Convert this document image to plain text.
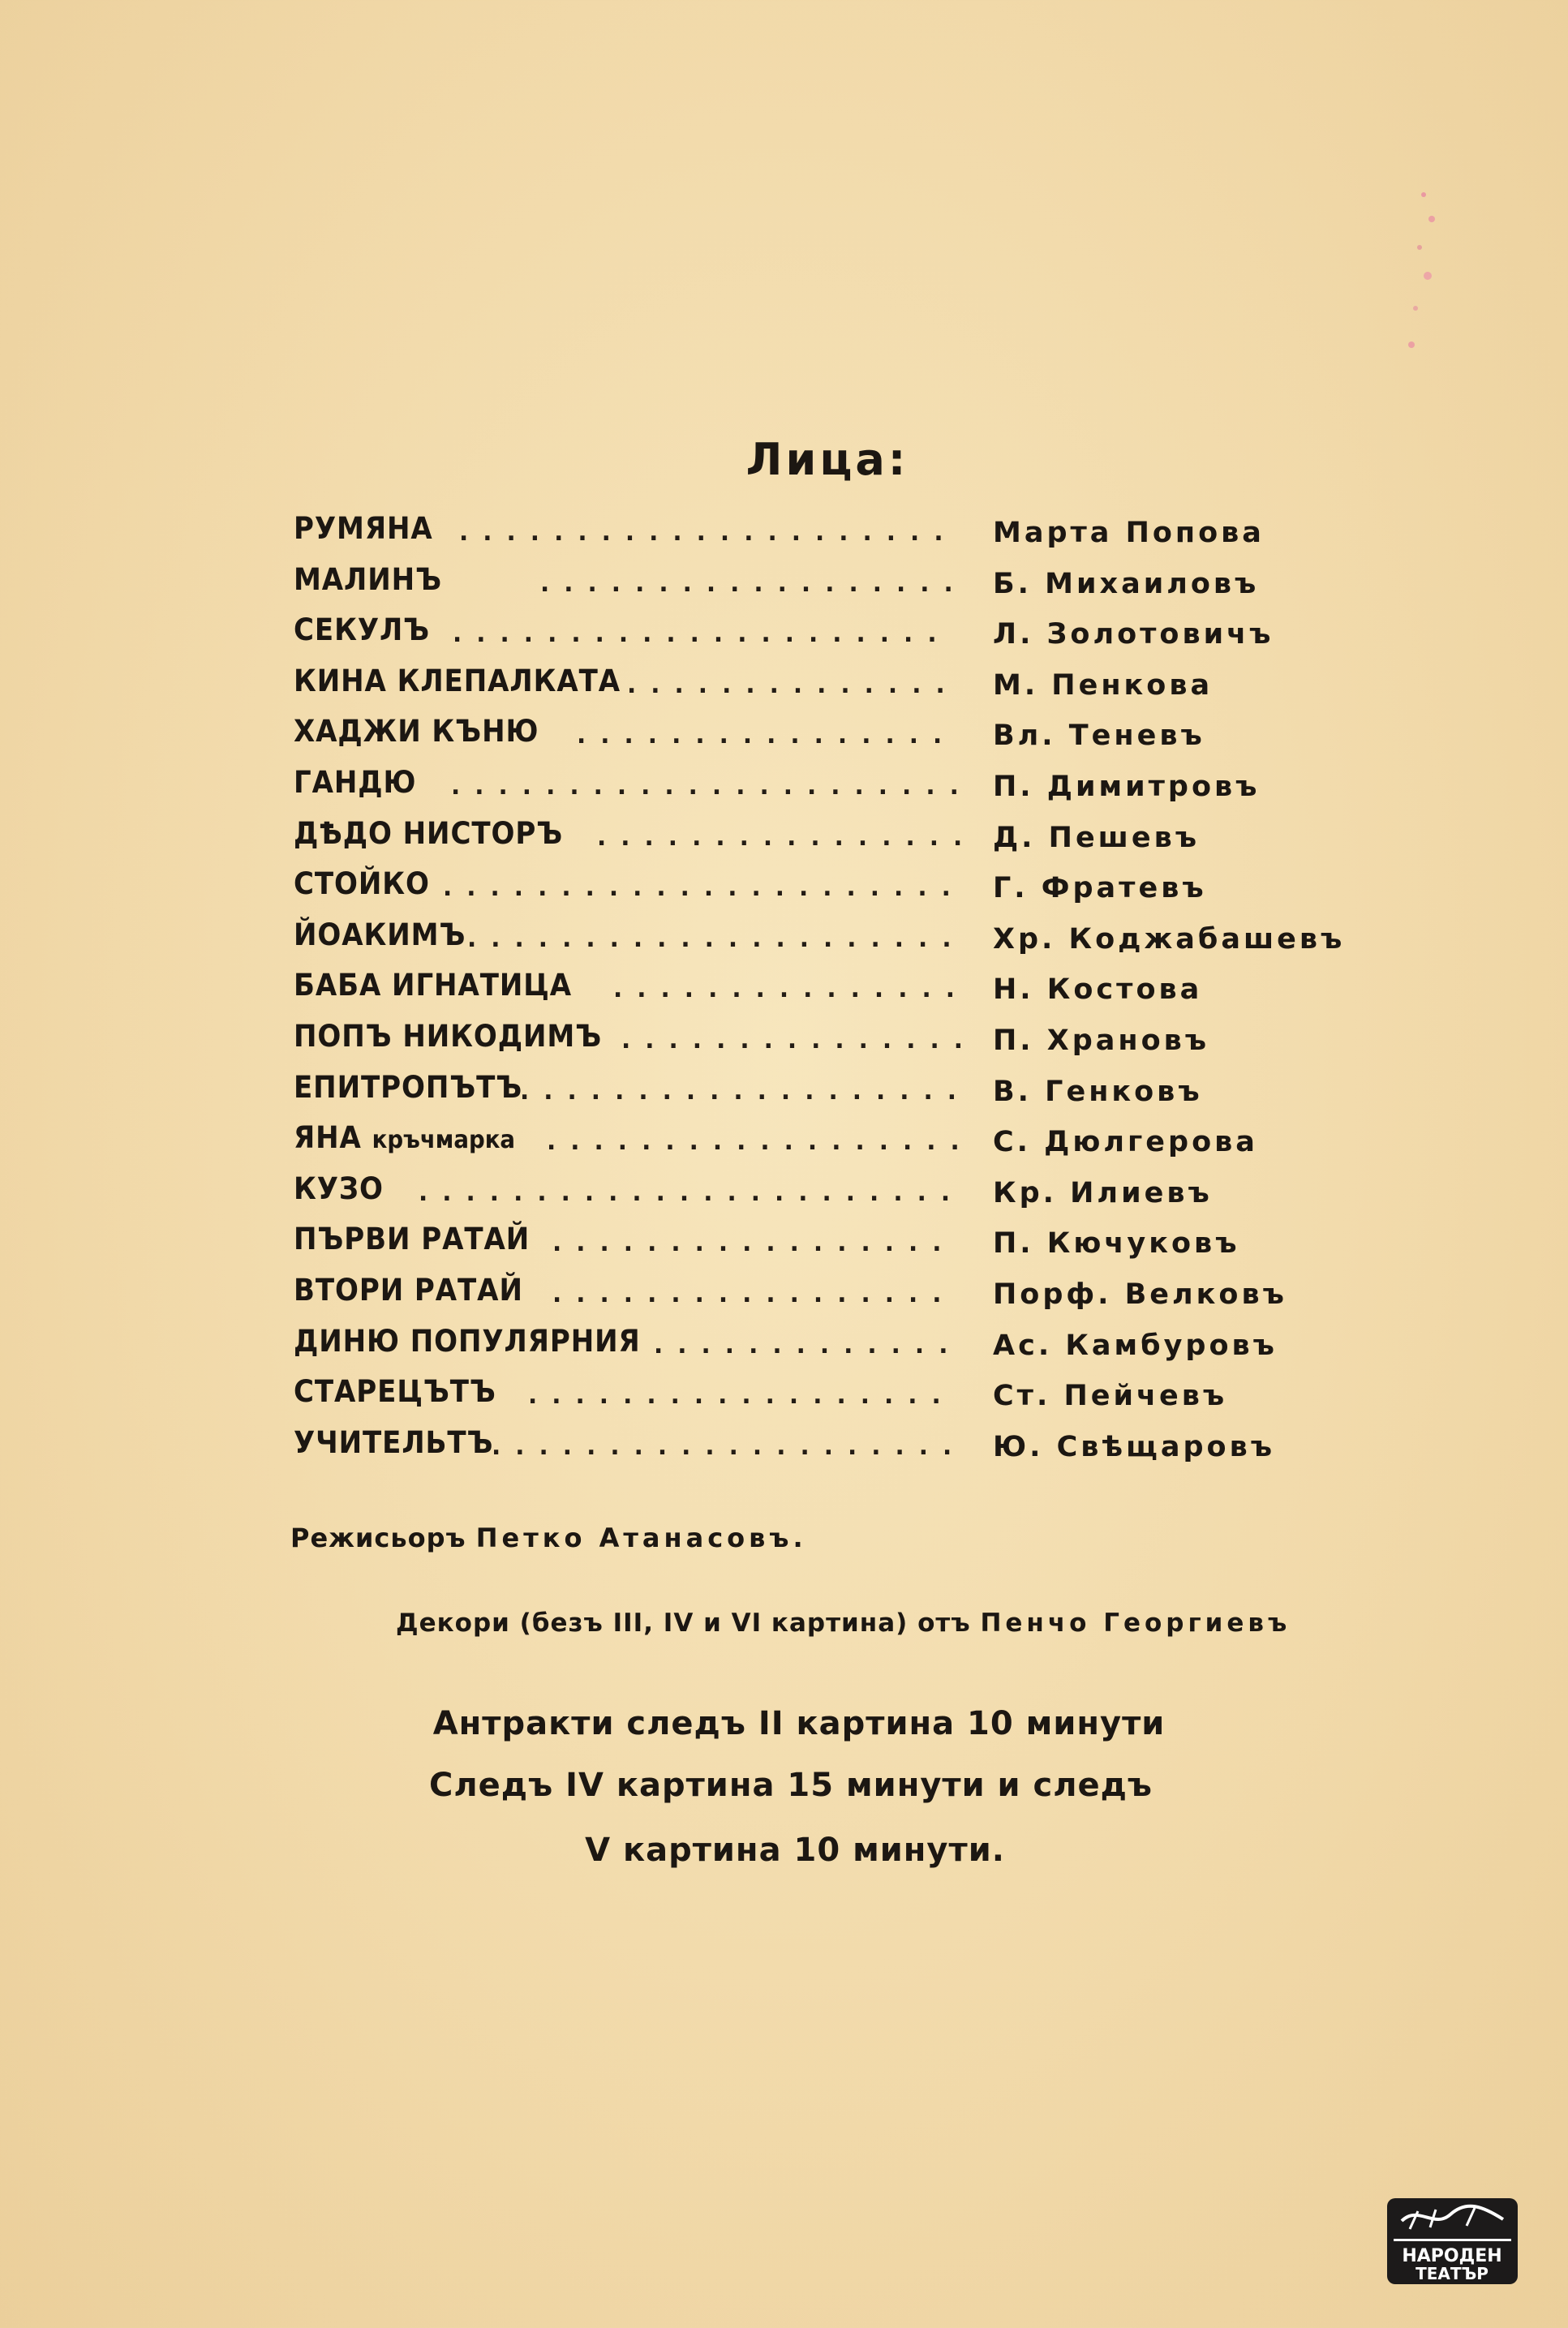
Лица:
РУМЯНА ..................... Марта Попова
МАЛИНЪ	.................. Б. Михаиловъ
СЕКУЛЪ ..................... Л. Золотовичъ
КИНА КЛЕПАЛКАТА .............. М. Пенкова
ХАДЖИ КЪНЮ ................ Вл. Теневъ
ГАНДЮ ...................... П. Димитровъ
ДѢДО НИСТОРЪ ................ Д. Пешевъ
СТОЙКО ...................... Г. Фратевъ
ЙОАКИМЪ
..................... Хр. Коджабашевъ
БАБА ИГНАТИЦА ............... Н. Костова
ПОПЪ НИКОДИМЪ ............... П. Храновъ
ЕПИТРОПЪТЪ
................... В. Генковъ
ЯНА кръчмарка .................. С. Дюлгерова
КУЗО ....................... Кр. Илиевъ
ПЪРВИ РАТАЙ ................. П. Кючуковъ
ВТОРИ РАТАЙ ................. Порф. Велковъ
ДИНЮ ПОПУЛЯРНИЯ ............. Ас. Камбуровъ
СТАРЕЦЪТЪ .................. Ст. Пейчевъ
УЧИТЕЛЬТЪ
.................... Ю. Свѣщаровъ
Режисьоръ Петко Атанасовъ.
Декори (безъ III, IV и VI картина) отъ Пенчо Георгиевъ
Антракти следъ II картина 10 минути
Следъ IV картина 15 минути и следъ
V картина 10 минути.
НАРОДЕН
ТЕАТЪР
